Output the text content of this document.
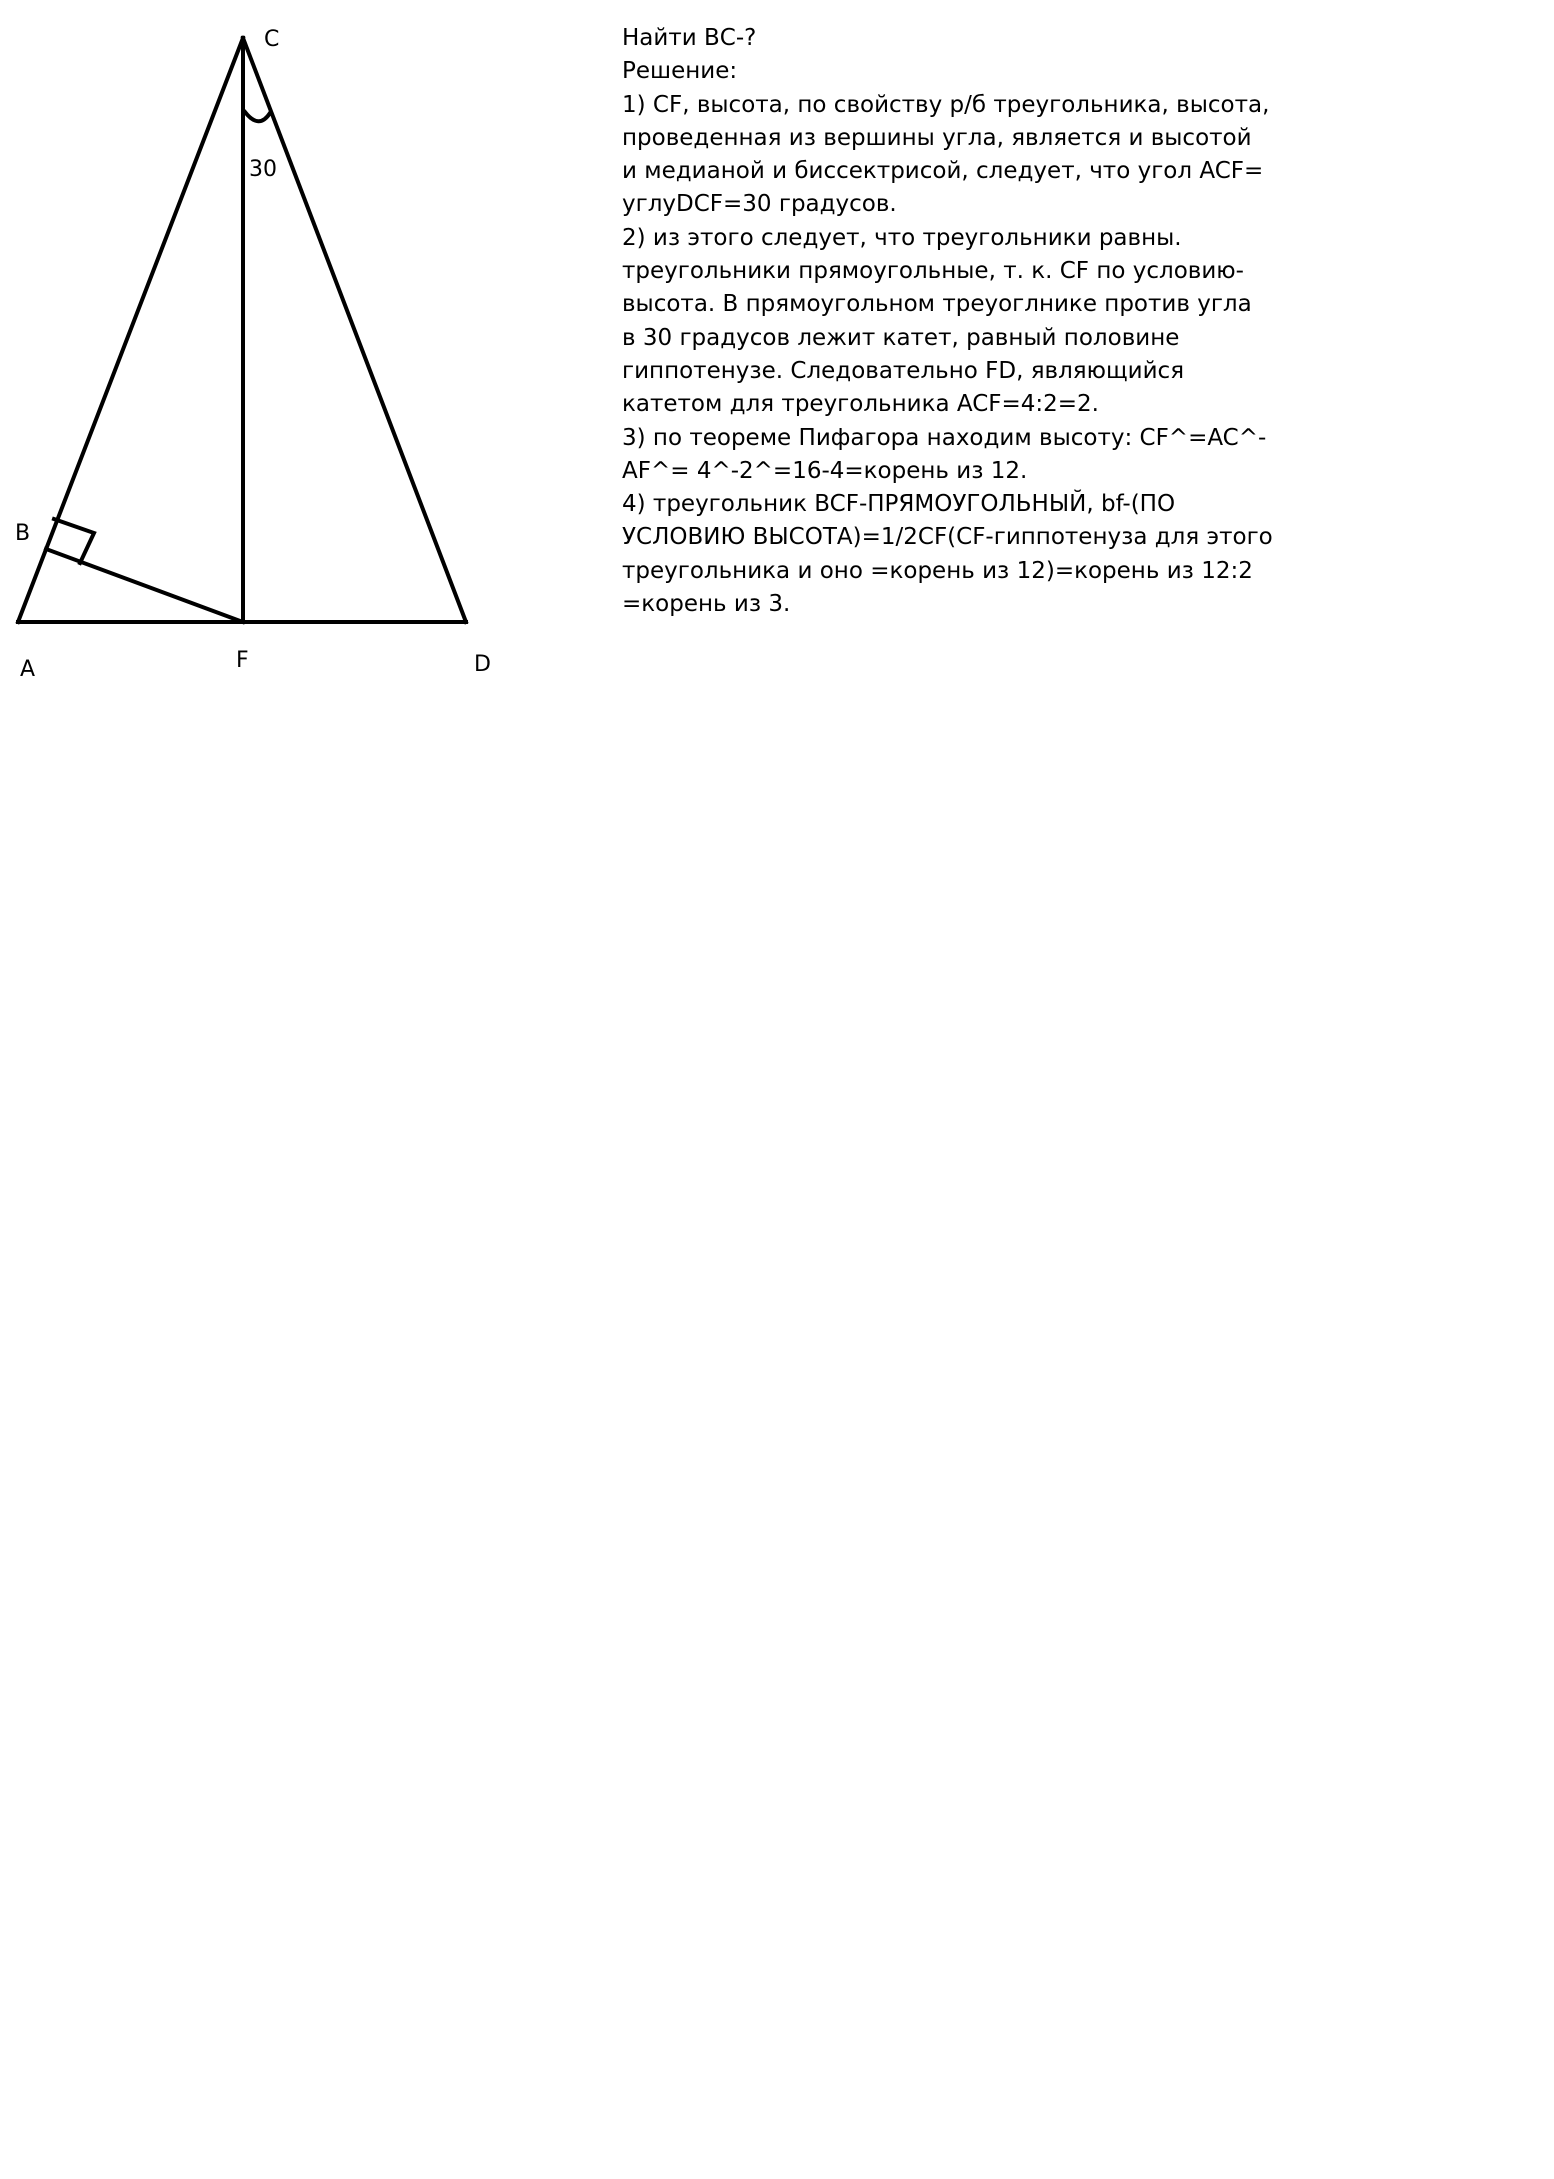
C
30
B
A	F	D
Найти ВС-?
Решение:
1) CF, высота, по свойству р/б треугольника, высота,
проведенная из вершины угла, является и высотой
и медианой и биссектрисой, следует, что угол ACF=
углуDCF=30 градусов.
2) из этого следует, что треугольники равны.
треугольники прямоугольные, т. к. CF по условию-
высота. В прямоугольном треуоглнике против угла
в 30 градусов лежит катет, равный половине
гиппотенузе. Следовательно FD, являющийся
катетом для треугольника ACF=4:2=2.
3) по теореме Пифагора находим высоту: CF^=AC^-
AF^= 4^-2^=16-4=корень из 12.
4) треугольник BCF-ПРЯМОУГОЛЬНЫЙ, bf-(ПО
УСЛОВИЮ ВЫСОТА)=1/2CF(CF-гиппотенуза для этого
треугольника и оно =корень из 12)=корень из 12:2
=корень из 3.
